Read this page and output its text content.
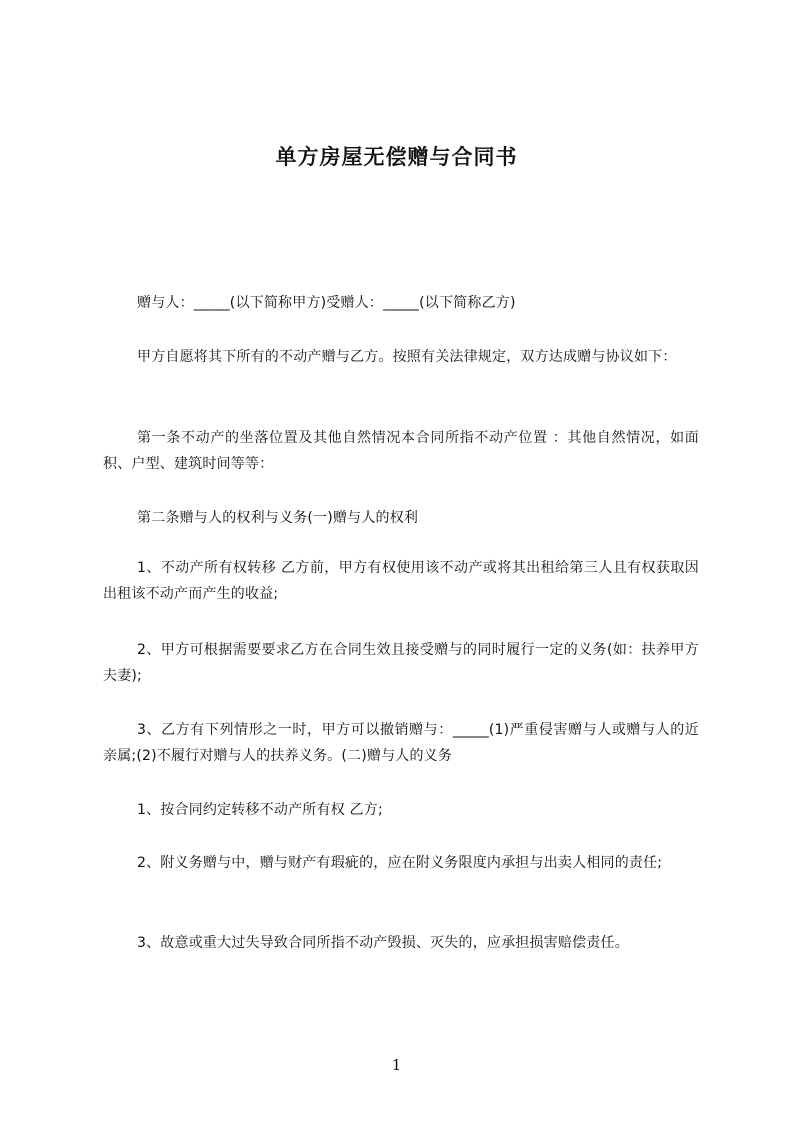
单方房屋无偿赠与合同书

赠与人：_____(以下简称甲方)受赠人：_____(以下简称乙方)

甲方自愿将其下所有的不动产赠与乙方。按照有关法律规定，双方达成赠与协议如下：

第一条不动产的坐落位置及其他自然情况本合同所指不动产位置 ：其他自然情况，如面积、户型、建筑时间等等：

第二条赠与人的权利与义务(一)赠与人的权利

1、不动产所有权转移 乙方前，甲方有权使用该不动产或将其出租给第三人且有权获取因出租该不动产而产生的收益;

2、甲方可根据需要要求乙方在合同生效且接受赠与的同时履行一定的义务(如：扶养甲方夫妻);

3、乙方有下列情形之一时，甲方可以撤销赠与：_____(1)严重侵害赠与人或赠与人的近亲属;(2)不履行对赠与人的扶养义务。(二)赠与人的义务

1、按合同约定转移不动产所有权 乙方;

2、附义务赠与中，赠与财产有瑕疵的，应在附义务限度内承担与出卖人相同的责任;

3、故意或重大过失导致合同所指不动产毁损、灭失的，应承担损害赔偿责任。

1
